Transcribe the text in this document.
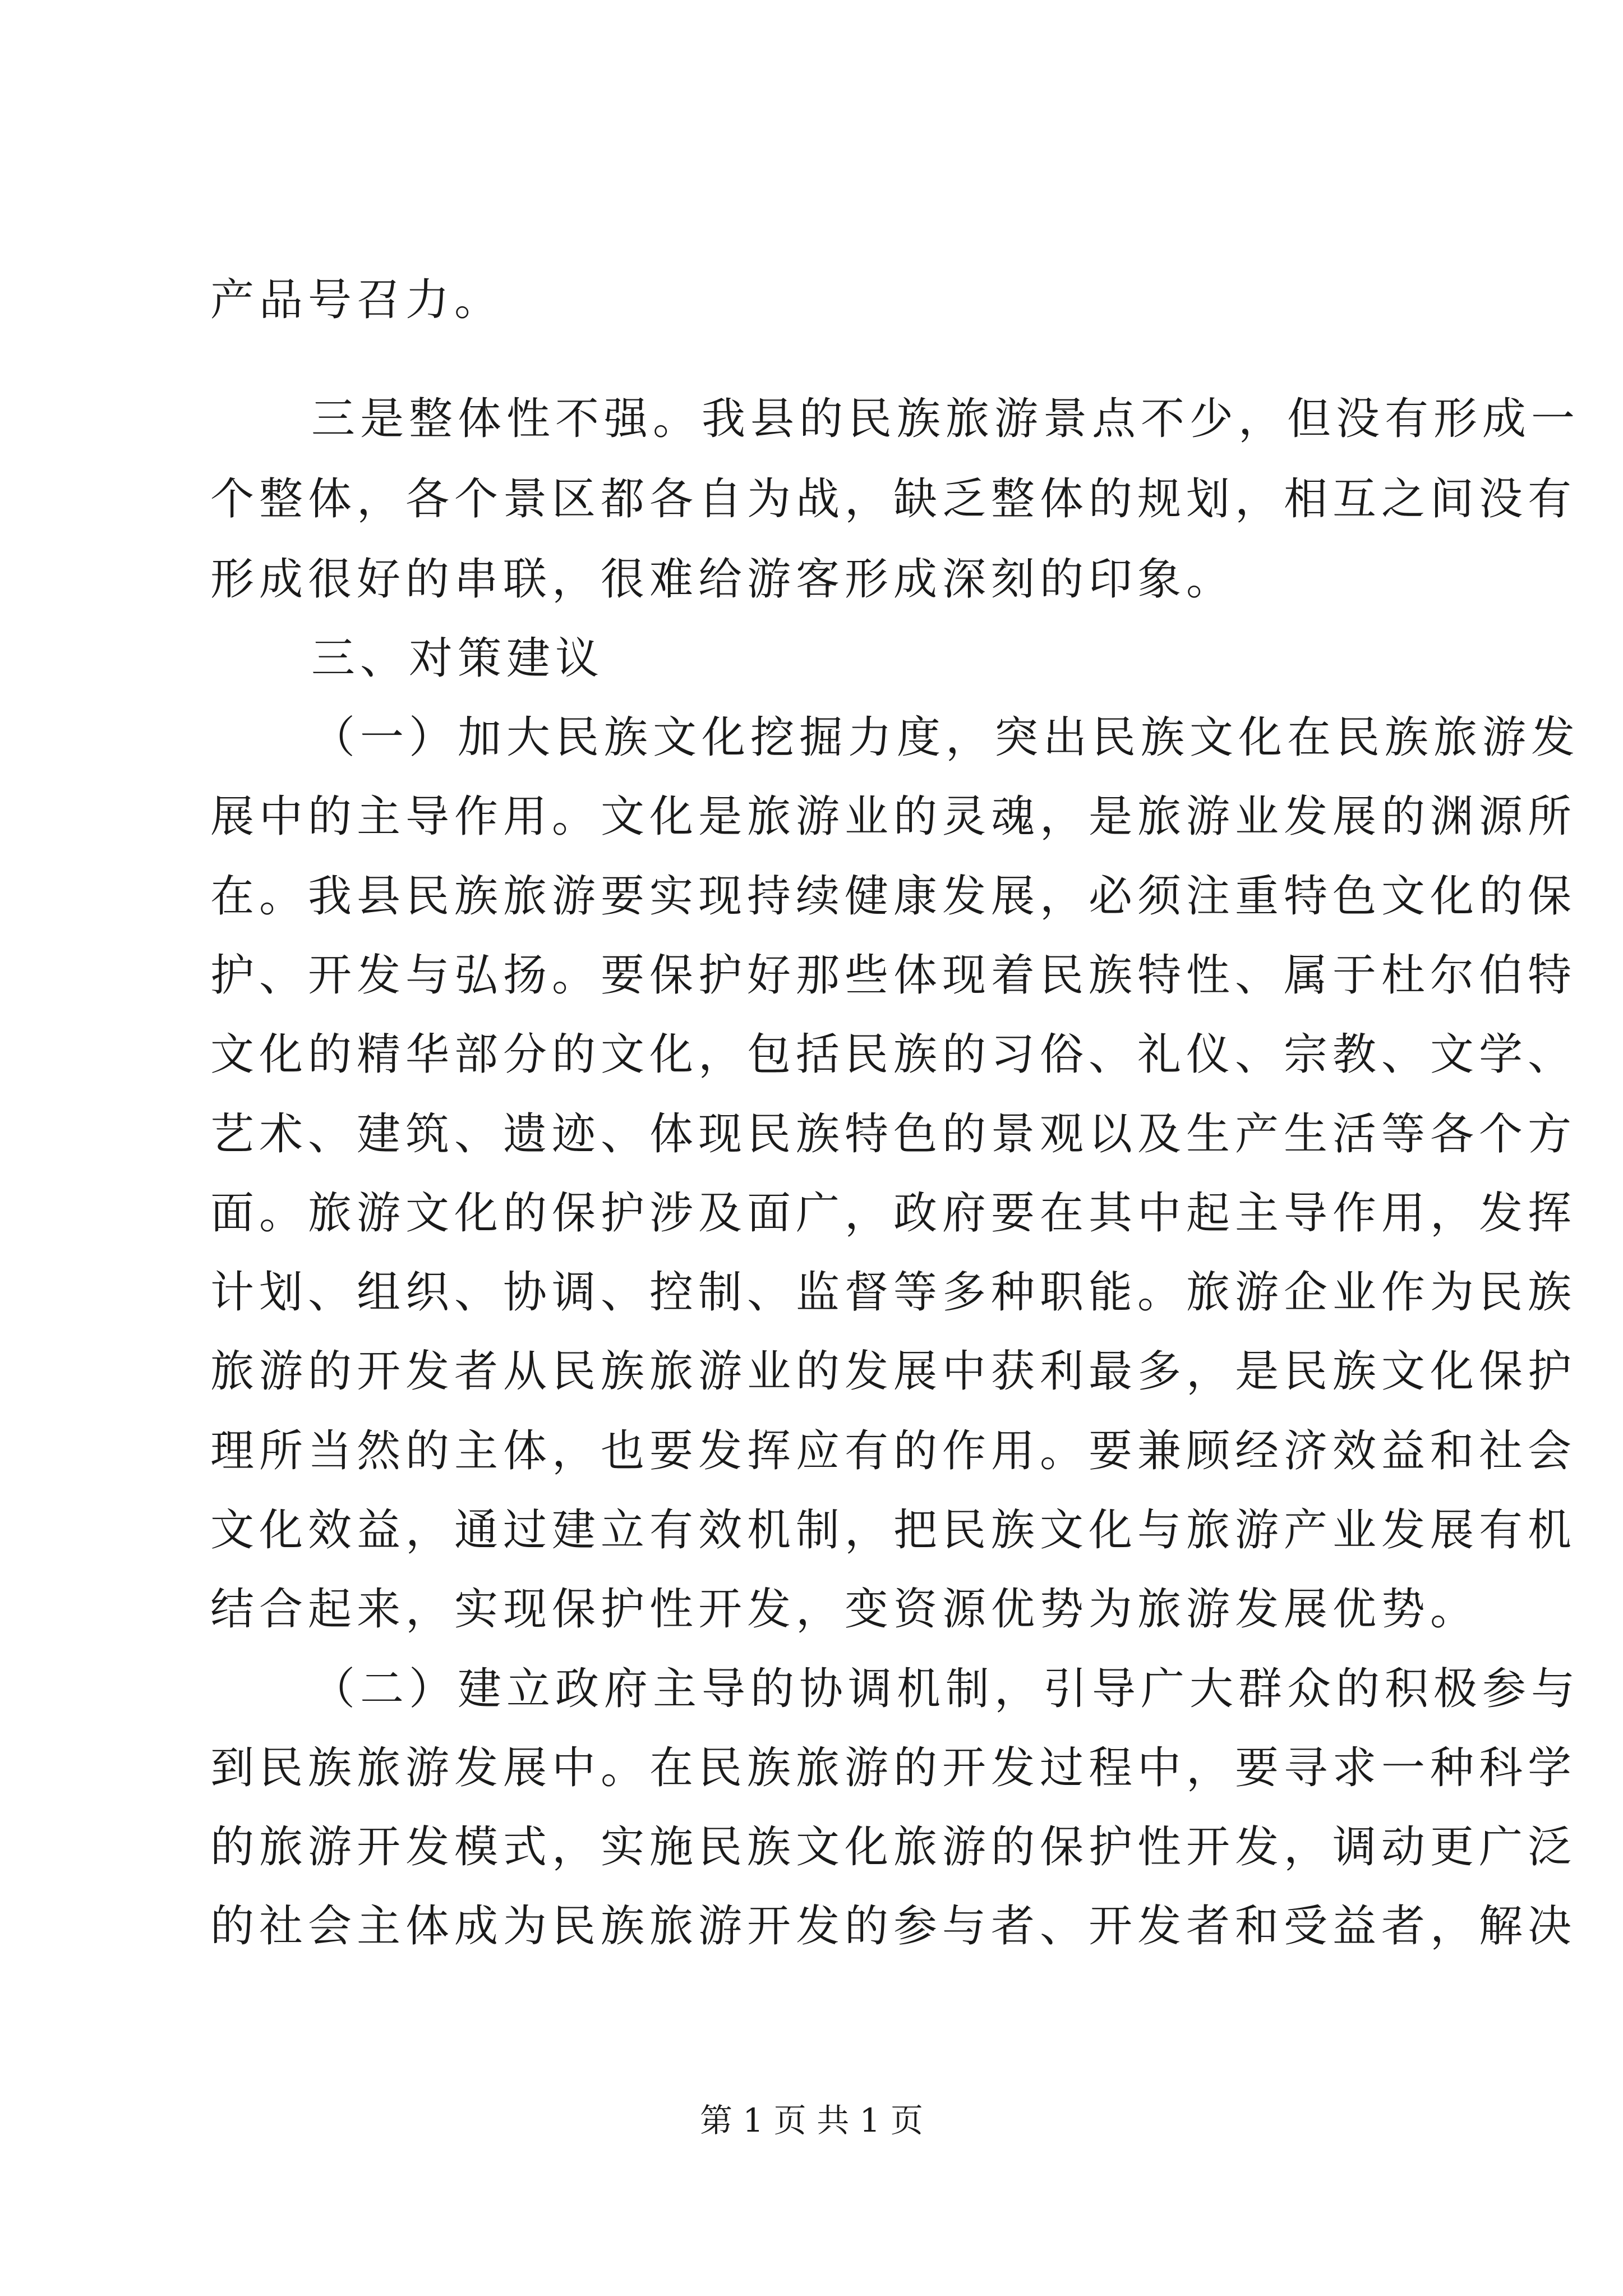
产品号召力。
三是整体性不强。我县的民族旅游景点不少，但没有形成一
个整体，各个景区都各自为战，缺乏整体的规划，相互之间没有
形成很好的串联，很难给游客形成深刻的印象。
三、对策建议
（一）加大民族文化挖掘力度，突出民族文化在民族旅游发
展中的主导作用。文化是旅游业的灵魂，是旅游业发展的渊源所
在。我县民族旅游要实现持续健康发展，必须注重特色文化的保
护、开发与弘扬。要保护好那些体现着民族特性、属于杜尔伯特
文化的精华部分的文化，包括民族的习俗、礼仪、宗教、文学、
艺术、建筑、遗迹、体现民族特色的景观以及生产生活等各个方
面。旅游文化的保护涉及面广，政府要在其中起主导作用，发挥
计划、组织、协调、控制、监督等多种职能。旅游企业作为民族
旅游的开发者从民族旅游业的发展中获利最多，是民族文化保护
理所当然的主体，也要发挥应有的作用。要兼顾经济效益和社会
文化效益，通过建立有效机制，把民族文化与旅游产业发展有机
结合起来，实现保护性开发，变资源优势为旅游发展优势。
（二）建立政府主导的协调机制，引导广大群众的积极参与
到民族旅游发展中。在民族旅游的开发过程中，要寻求一种科学
的旅游开发模式，实施民族文化旅游的保护性开发，调动更广泛
的社会主体成为民族旅游开发的参与者、开发者和受益者，解决
第 1 页 共 1 页
